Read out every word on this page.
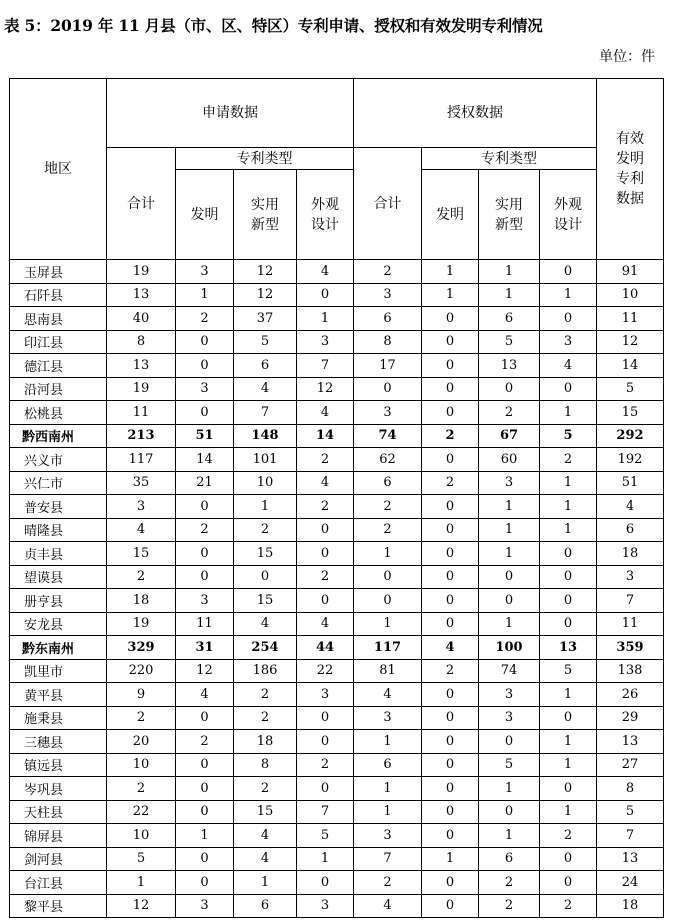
表 5：2019 年 11 月县（市、区、特区）专利申请、授权和有效发明专利情况
单位：件
地区	申请数据				授权数据				有效发明专利数据

	合计	专利类型			合计	专利类型			
		发明	实用新型	外观设计		发明	实用新型	外观设计	

玉屏县	19	3	12	4	2	1	1	0	91
石阡县	13	1	12	0	3	1	1	1	10
思南县	40	2	37	1	6	0	6	0	11
印江县	8	0	5	3	8	0	5	3	12
德江县	13	0	6	7	17	0	13	4	14
沿河县	19	3	4	12	0	0	0	0	5
松桃县	11	0	7	4	3	0	2	1	15
黔西南州	213	51	148	14	74	2	67	5	292
兴义市	117	14	101	2	62	0	60	2	192
兴仁市	35	21	10	4	6	2	3	1	51
普安县	3	0	1	2	2	0	1	1	4
晴隆县	4	2	2	0	2	0	1	1	6
贞丰县	15	0	15	0	1	0	1	0	18
望谟县	2	0	0	2	0	0	0	0	3
册亨县	18	3	15	0	0	0	0	0	7
安龙县	19	11	4	4	1	0	1	0	11
黔东南州	329	31	254	44	117	4	100	13	359
凯里市	220	12	186	22	81	2	74	5	138
黄平县	9	4	2	3	4	0	3	1	26
施秉县	2	0	2	0	3	0	3	0	29
三穗县	20	2	18	0	1	0	0	1	13
镇远县	10	0	8	2	6	0	5	1	27
岑巩县	2	0	2	0	1	0	1	0	8
天柱县	22	0	15	7	1	0	0	1	5
锦屏县	10	1	4	5	3	0	1	2	7
剑河县	5	0	4	1	7	1	6	0	13
台江县	1	0	1	0	2	0	2	0	24
黎平县	12	3	6	3	4	0	2	2	18
